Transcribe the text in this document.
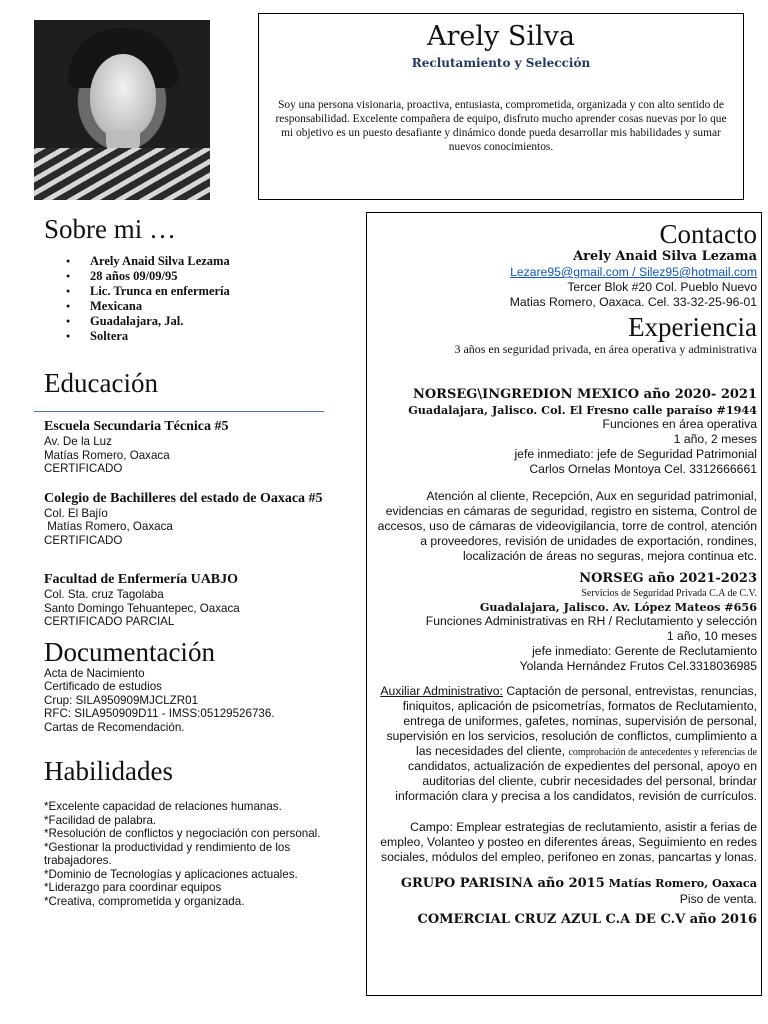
Arely Silva
Reclutamiento y Selección
Soy una persona visionaria, proactiva, entusiasta, comprometida, organizada y con alto sentido de responsabilidad. Excelente compañera de equipo, disfruto mucho aprender cosas nuevas por lo que mi objetivo es un puesto desafiante y dinámico donde pueda desarrollar mis habilidades y sumar nuevos conocimientos.
Sobre mi …
● Arely Anaid Silva Lezama
● 28 años 09/09/95
● Lic. Trunca en enfermería
● Mexicana
● Guadalajara, Jal.
● Soltera
Educación
Escuela Secundaria Técnica #5
Av. De la Luz
Matías Romero, Oaxaca
CERTIFICADO
Colegio de Bachilleres del estado de Oaxaca #5
Col. El Bajío
Matías Romero, Oaxaca
CERTIFICADO
Facultad de Enfermería UABJO
Col. Sta. cruz Tagolaba
Santo Domingo Tehuantepec, Oaxaca
CERTIFICADO PARCIAL
Documentación
Acta de Nacimiento
Certificado de estudios
Crup: SILA950909MJCLZR01
RFC: SILA950909D11 - IMSS:05129526736.
Cartas de Recomendación.
Habilidades
*Excelente capacidad de relaciones humanas.
*Facilidad de palabra.
*Resolución de conflictos y negociación con personal.
*Gestionar la productividad y rendimiento de los trabajadores.
*Dominio de Tecnologías y aplicaciones actuales.
*Liderazgo para coordinar equipos
*Creativa, comprometida y organizada.
Contacto
Arely Anaid Silva Lezama
Lezare95@gmail.com / Silez95@hotmail.com
Tercer Blok #20 Col. Pueblo Nuevo
Matias Romero, Oaxaca. Cel. 33-32-25-96-01
Experiencia
3 años en seguridad privada, en área operativa y administrativa
NORSEG\INGREDION MEXICO año 2020- 2021
Guadalajara, Jalisco. Col. El Fresno calle paraíso #1944
Funciones en área operativa
1 año, 2 meses
jefe inmediato: jefe de Seguridad Patrimonial
Carlos Ornelas Montoya Cel. 3312666661
Atención al cliente, Recepción, Aux en seguridad patrimonial, evidencias en cámaras de seguridad, registro en sistema, Control de accesos, uso de cámaras de videovigilancia, torre de control, atención a proveedores, revisión de unidades de exportación, rondines, localización de áreas no seguras, mejora continua etc.
NORSEG año 2021-2023
Servicios de Seguridad Privada C.A de C.V.
Guadalajara, Jalisco. Av. López Mateos #656
Funciones Administrativas en RH / Reclutamiento y selección
1 año, 10 meses
jefe inmediato: Gerente de Reclutamiento
Yolanda Hernández Frutos Cel.3318036985
Auxiliar Administrativo: Captación de personal, entrevistas, renuncias, finiquitos, aplicación de psicometrías, formatos de Reclutamiento, entrega de uniformes, gafetes, nominas, supervisión de personal, supervisión en los servicios, resolución de conflictos, cumplimiento a las necesidades del cliente, comprobación de antecedentes y referencias de candidatos, actualización de expedientes del personal, apoyo en auditorias del cliente, cubrir necesidades del personal, brindar información clara y precisa a los candidatos, revisión de currículos.
Campo: Emplear estrategias de reclutamiento, asistir a ferias de empleo, Volanteo y posteo en diferentes áreas, Seguimiento en redes sociales, módulos del empleo, perifoneo en zonas, pancartas y lonas.
GRUPO PARISINA año 2015 Matías Romero, Oaxaca
Piso de venta.
COMERCIAL CRUZ AZUL C.A DE C.V año 2016
